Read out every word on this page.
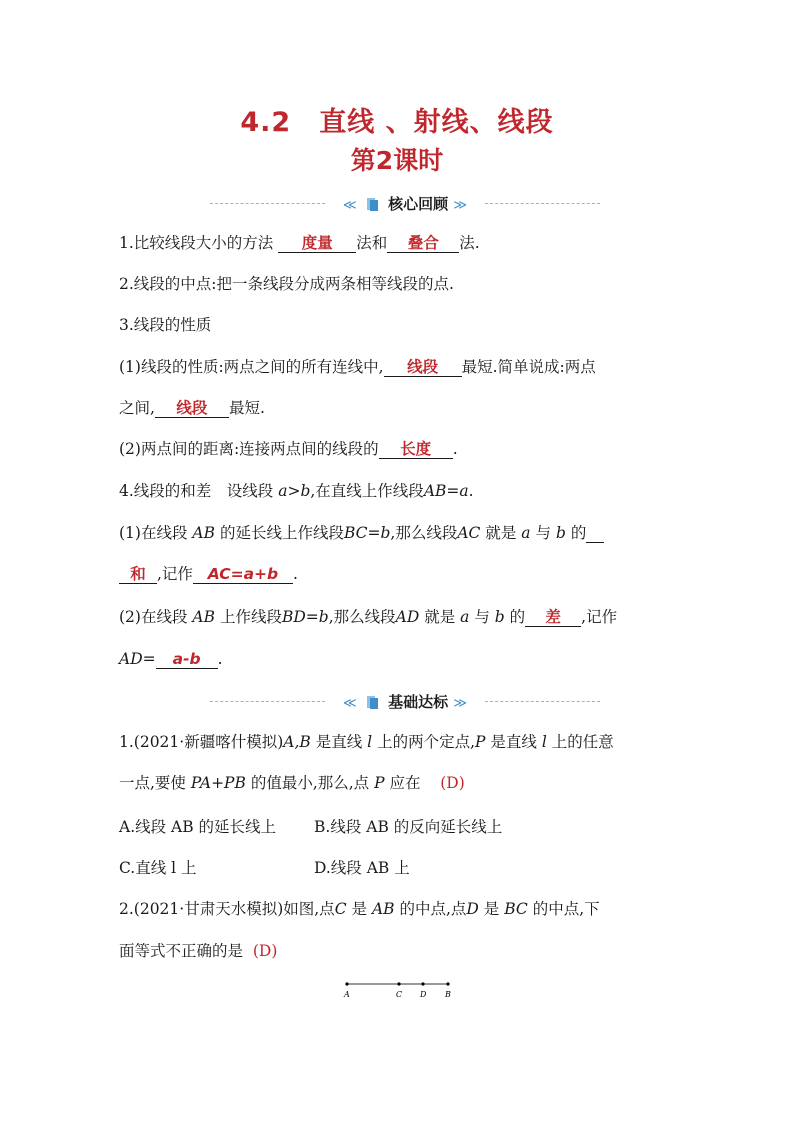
4.2　直线 、射线、线段
第2课时
≪ 核心回顾 ≫
1.比较线段大小的方法 度量 法和 叠合 法.
2.线段的中点:把一条线段分成两条相等线段的点.
3.线段的性质
(1)线段的性质:两点之间的所有连线中, 线段 最短.简单说成:两点
之间, 线段 最短.
(2)两点间的距离:连接两点间的线段的 长度 .
4.线段的和差　设线段 a>b,在直线上作线段AB=a.
(1)在线段 AB 的延长线上作线段BC=b,那么线段AC 就是 a 与 b 的
和 ,记作 AC=a+b .
(2)在线段 AB 上作线段BD=b,那么线段AD 就是 a 与 b 的 差 ,记作
AD= a-b .
≪ 基础达标 ≫
1.(2021·新疆喀什模拟)A,B 是直线 l 上的两个定点,P 是直线 l 上的任意
一点,要使 PA+PB 的值最小,那么,点 P 应在 (D)
A.线段 AB 的延长线上 B.线段 AB 的反向延长线上
C.直线 l 上	D.线段 AB 上
2.(2021·甘肃天水模拟)如图,点C 是 AB 的中点,点D 是 BC 的中点,下
面等式不正确的是 (D)
A	C D B
